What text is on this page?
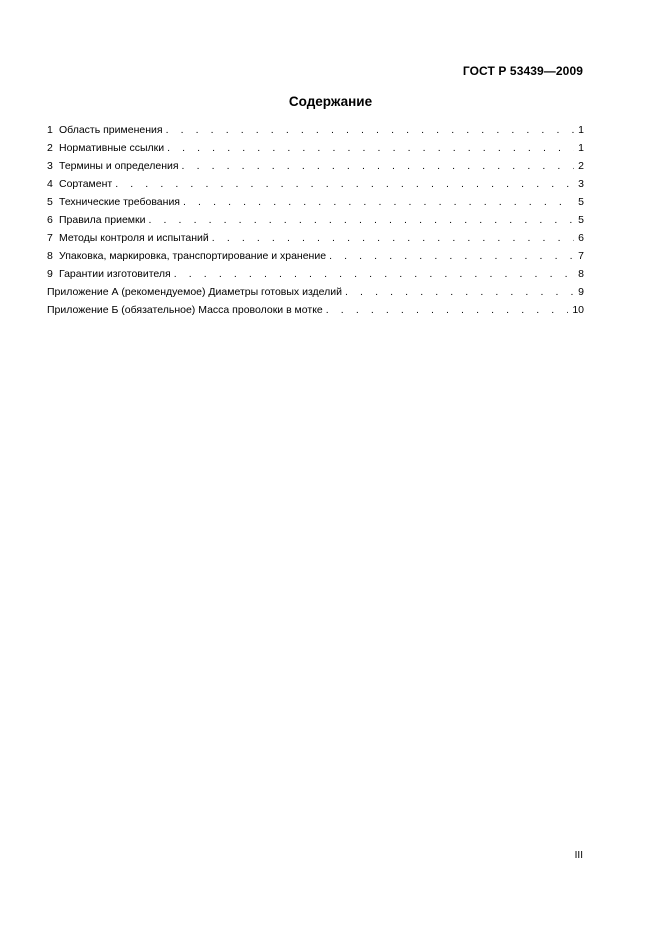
ГОСТ Р 53439—2009
Содержание
1 Область применения . . .	1
2 Нормативные ссылки . . .	1
3 Термины и определения . . .	2
4 Сортамент . . .	3
5 Технические требования . . .	5
6 Правила приемки . . .	5
7 Методы контроля и испытаний . . .	6
8 Упаковка, маркировка, транспортирование и хранение . . .	7
9 Гарантии изготовителя . . .	8
Приложение А (рекомендуемое) Диаметры готовых изделий . . .	9
Приложение Б (обязательное) Масса проволоки в мотке . . .	10
III
